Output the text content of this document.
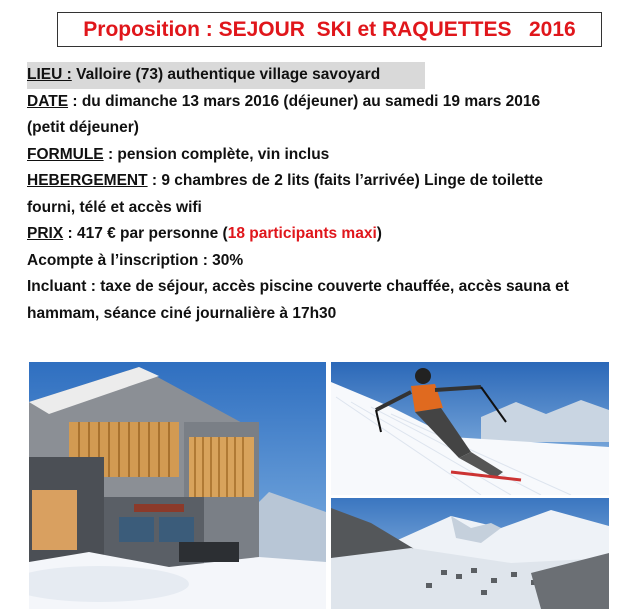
Proposition : SEJOUR  SKI et RAQUETTES   2016
LIEU : Valloire (73) authentique village savoyard
DATE : du dimanche 13 mars 2016 (déjeuner) au samedi 19 mars 2016
(petit déjeuner)
FORMULE : pension complète, vin inclus
HEBERGEMENT : 9 chambres de 2 lits (faits l’arrivée) Linge de toilette
fourni, télé et accès wifi
PRIX : 417 € par personne (18 participants maxi)
Acompte à l’inscription : 30%
Incluant : taxe de séjour, accès piscine couverte chauffée, accès sauna et
hammam, séance ciné journalière à 17h30
